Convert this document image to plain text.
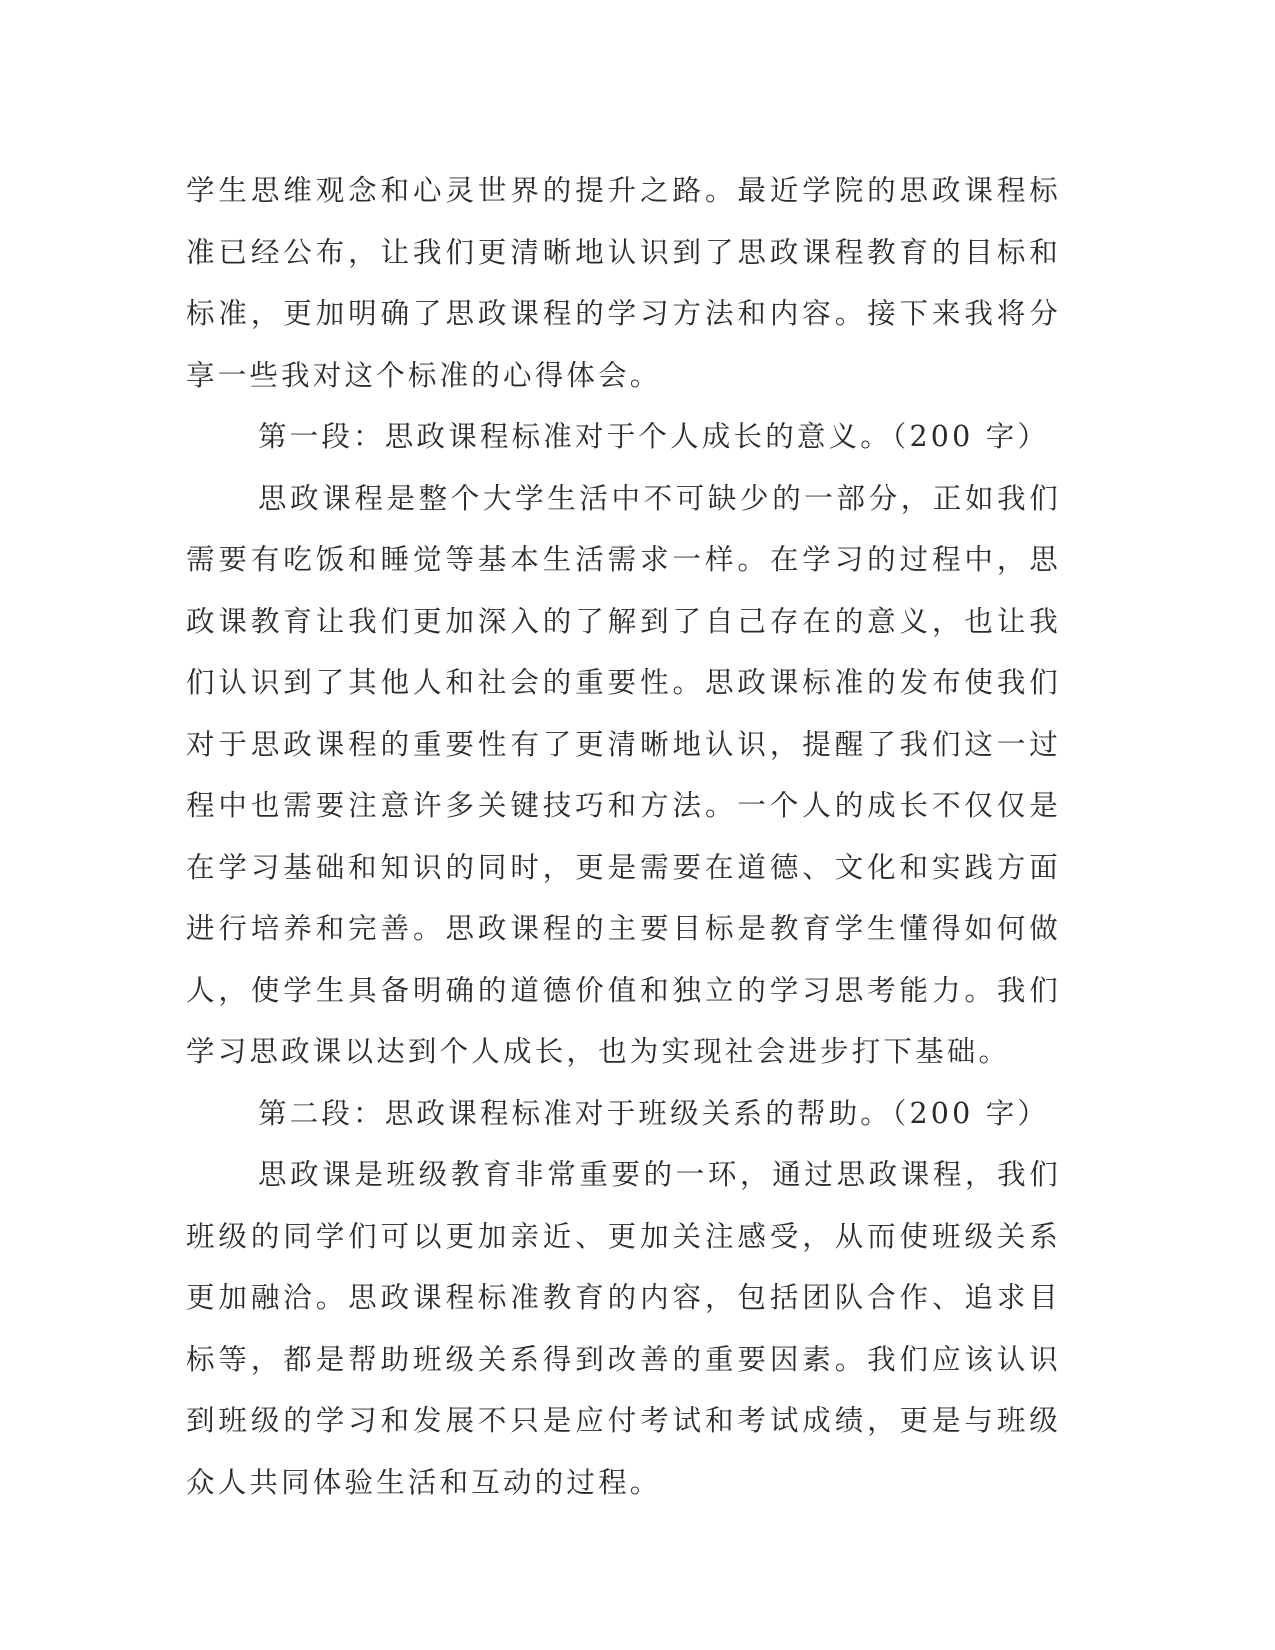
学生思维观念和心灵世界的提升之路。最近学院的思政课程标准已经公布，让我们更清晰地认识到了思政课程教育的目标和标准，更加明确了思政课程的学习方法和内容。接下来我将分享一些我对这个标准的心得体会。

第一段：思政课程标准对于个人成长的意义。（200 字）

思政课程是整个大学生活中不可缺少的一部分，正如我们需要有吃饭和睡觉等基本生活需求一样。在学习的过程中，思政课教育让我们更加深入的了解到了自己存在的意义，也让我们认识到了其他人和社会的重要性。思政课标准的发布使我们对于思政课程的重要性有了更清晰地认识，提醒了我们这一过程中也需要注意许多关键技巧和方法。一个人的成长不仅仅是在学习基础和知识的同时，更是需要在道德、文化和实践方面进行培养和完善。思政课程的主要目标是教育学生懂得如何做人，使学生具备明确的道德价值和独立的学习思考能力。我们学习思政课以达到个人成长，也为实现社会进步打下基础。

第二段：思政课程标准对于班级关系的帮助。（200 字）

思政课是班级教育非常重要的一环，通过思政课程，我们班级的同学们可以更加亲近、更加关注感受，从而使班级关系更加融洽。思政课程标准教育的内容，包括团队合作、追求目标等，都是帮助班级关系得到改善的重要因素。我们应该认识到班级的学习和发展不只是应付考试和考试成绩，更是与班级众人共同体验生活和互动的过程。
